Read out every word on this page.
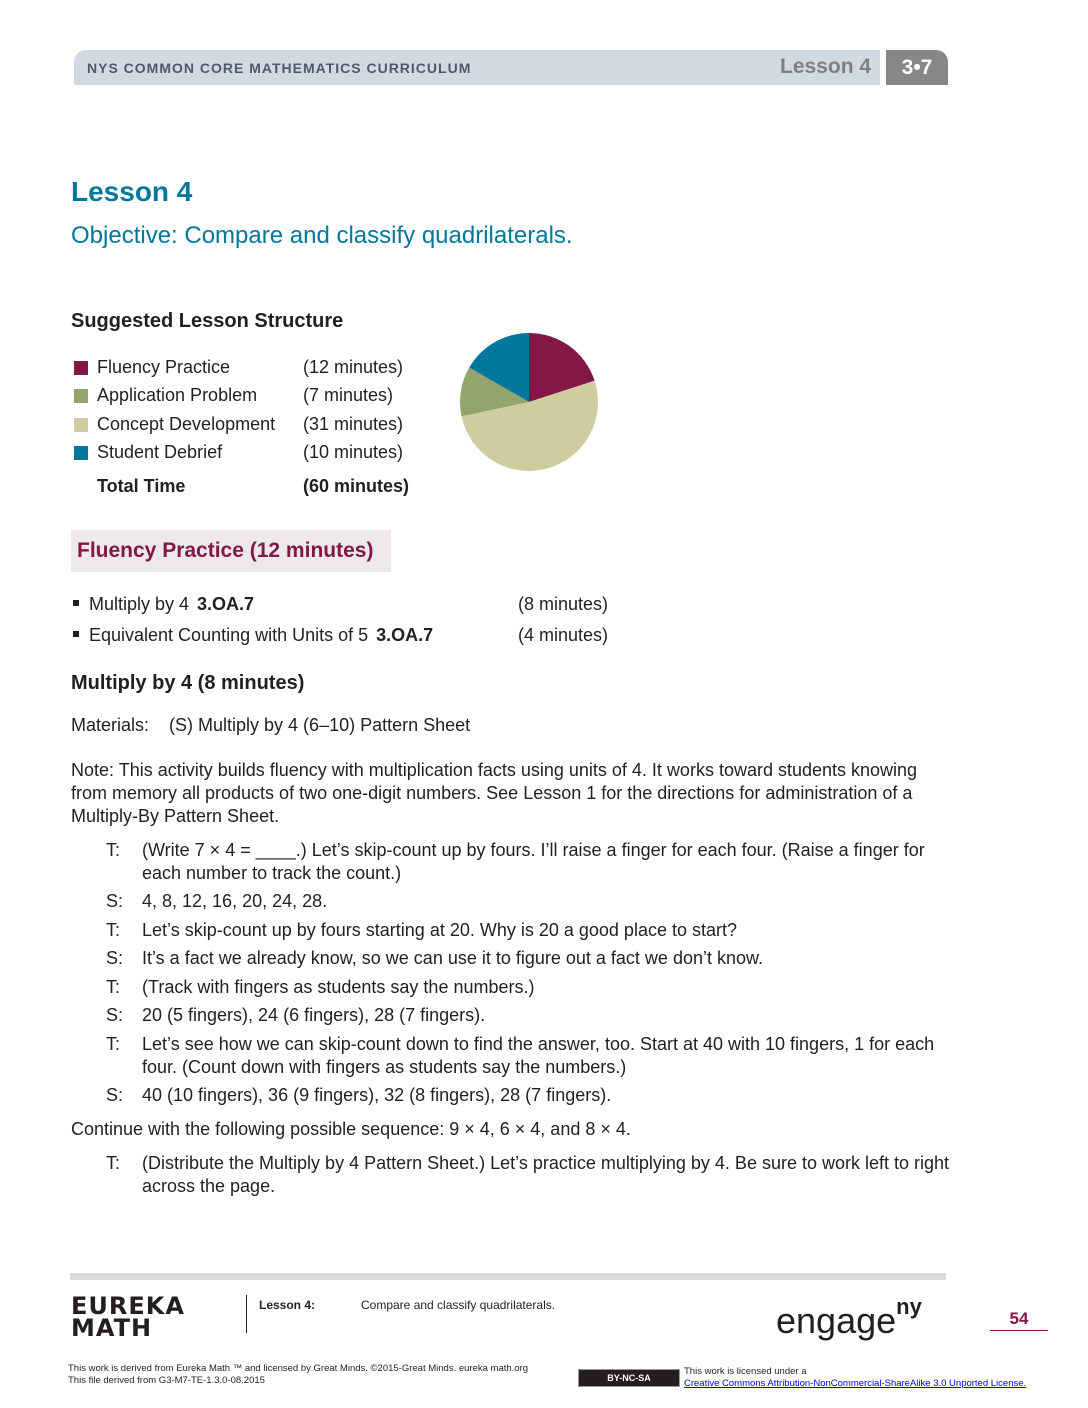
NYS COMMON CORE MATHEMATICS CURRICULUM	Lesson 4	3•7
Lesson 4
Objective: Compare and classify quadrilaterals.
Suggested Lesson Structure
Fluency Practice	(12 minutes)
Application Problem	(7 minutes)
Concept Development (31 minutes)
Student Debrief	(10 minutes)
Total Time	(60 minutes)
Fluency Practice (12 minutes)
Multiply by 4 3.OA.7	(8 minutes)
Equivalent Counting with Units of 5 3.OA.7	(4 minutes)
Multiply by 4 (8 minutes)
Materials:    (S) Multiply by 4 (6–10) Pattern Sheet
Note: This activity builds fluency with multiplication facts using units of 4. It works toward students knowing from memory all products of two one-digit numbers. See Lesson 1 for the directions for administration of a Multiply-By Pattern Sheet.
T: (Write 7 × 4 = ____.) Let’s skip-count up by fours. I’ll raise a finger for each four. (Raise a finger for each number to track the count.)
S: 4, 8, 12, 16, 20, 24, 28.
T: Let’s skip-count up by fours starting at 20. Why is 20 a good place to start?
S: It’s a fact we already know, so we can use it to figure out a fact we don’t know.
T: (Track with fingers as students say the numbers.)
S: 20 (5 fingers), 24 (6 fingers), 28 (7 fingers).
T: Let’s see how we can skip-count down to find the answer, too. Start at 40 with 10 fingers, 1 for each four. (Count down with fingers as students say the numbers.)
S: 40 (10 fingers), 36 (9 fingers), 32 (8 fingers), 28 (7 fingers).
Continue with the following possible sequence: 9 × 4, 6 × 4, and 8 × 4.
T: (Distribute the Multiply by 4 Pattern Sheet.) Let’s practice multiplying by 4. Be sure to work left to right across the page.
EUREKA
MATH
Lesson 4:	Compare and classify quadrilaterals.	engage$^{ny}$	54
This work is derived from Eureka Math ™ and licensed by Great Minds. ©2015-Great Minds. eureka math.org
This file derived from G3-M7-TE-1.3.0-08.2015	BY-NC-SA
This work is licensed under a
Creative Commons Attribution-NonCommercial-ShareAlike 3.0 Unported License.
